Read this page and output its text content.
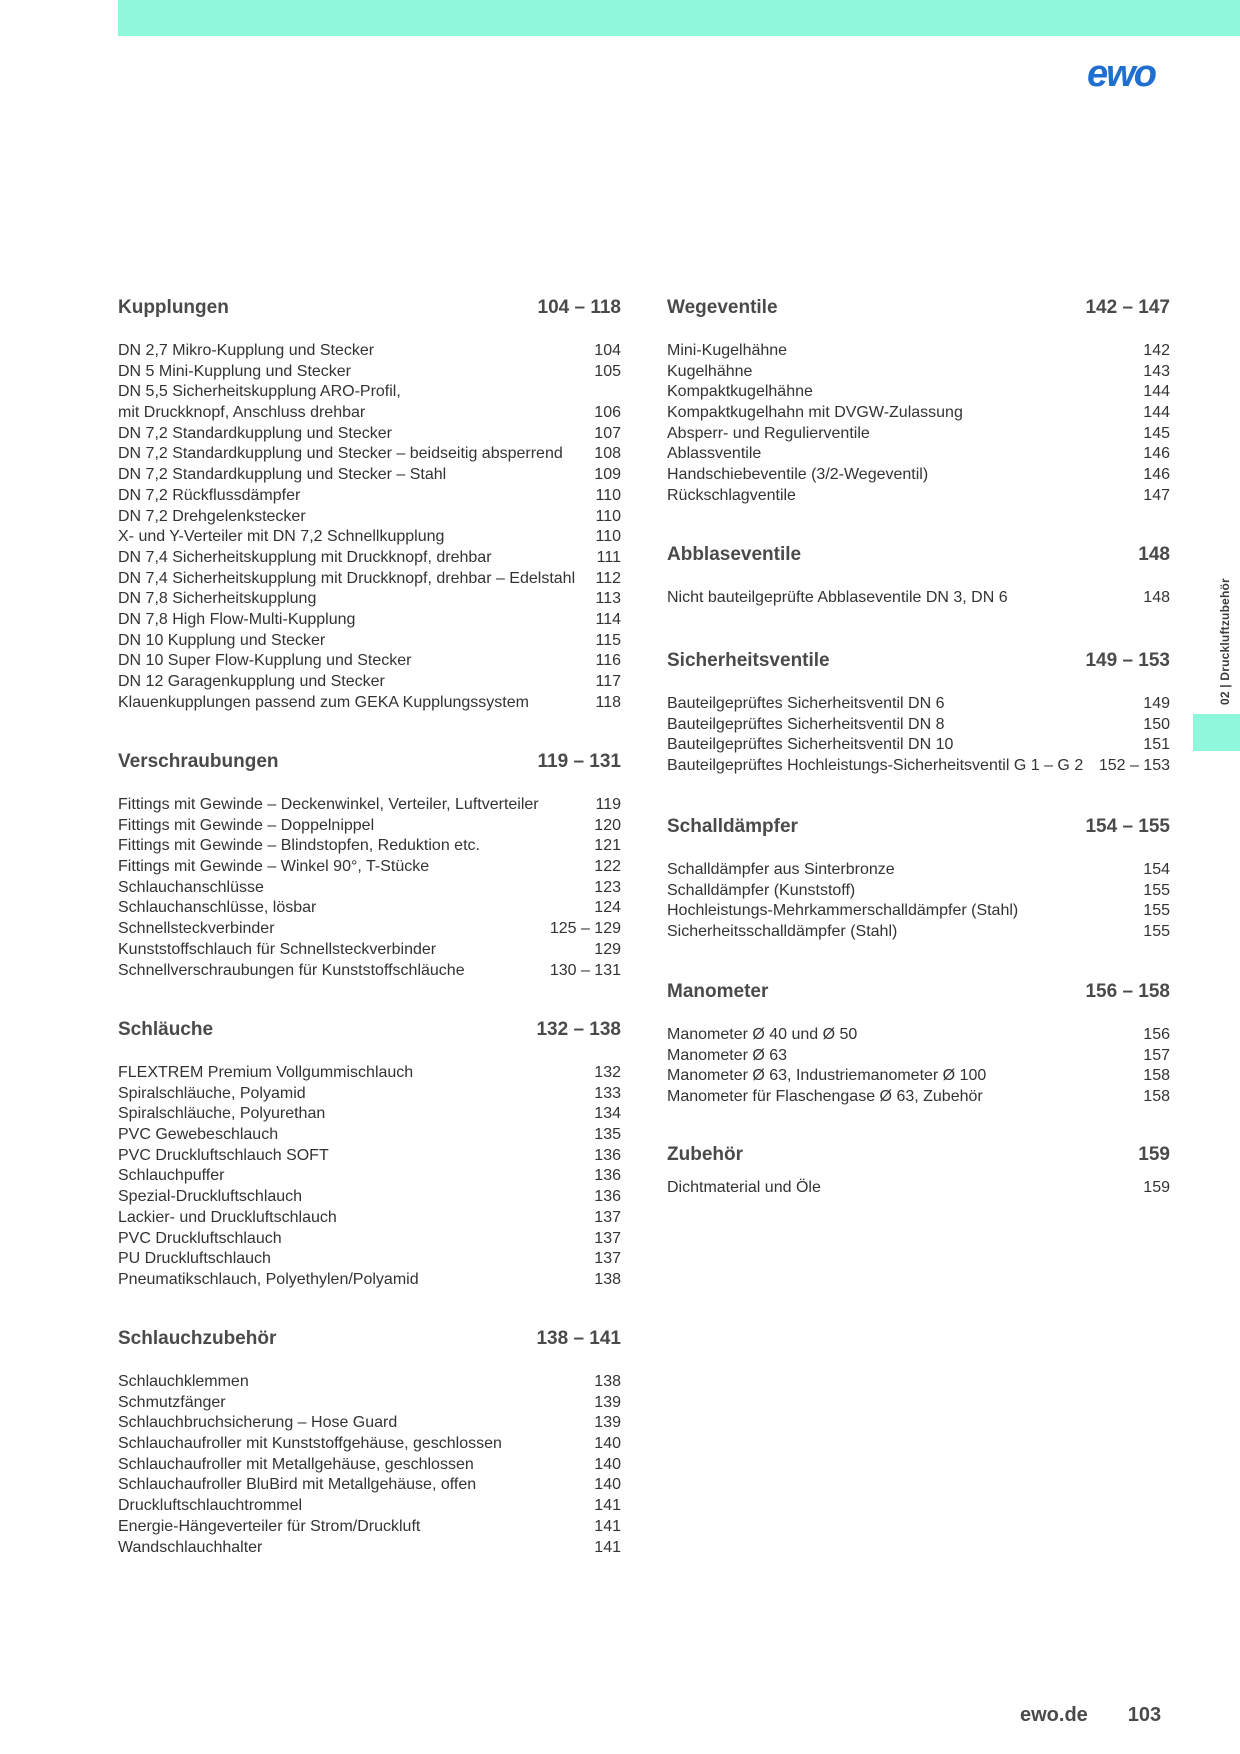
ewo
02 | Druckluftzubehör
Kupplungen	104 – 118
DN 2,7 Mikro-Kupplung und Stecker	104
DN 5 Mini-Kupplung und Stecker	105
DN 5,5 Sicherheitskupplung ARO-Profil,
mit Druckknopf, Anschluss drehbar	106
DN 7,2 Standardkupplung und Stecker	107
DN 7,2 Standardkupplung und Stecker – beidseitig absperrend 108
DN 7,2 Standardkupplung und Stecker – Stahl	109
DN 7,2 Rückflussdämpfer	110
DN 7,2 Drehgelenkstecker	110
X- und Y-Verteiler mit DN 7,2 Schnellkupplung	110
DN 7,4 Sicherheitskupplung mit Druckknopf, drehbar	111
DN 7,4 Sicherheitskupplung mit Druckknopf, drehbar – Edelstahl 112
DN 7,8 Sicherheitskupplung	113
DN 7,8 High Flow-Multi-Kupplung	114
DN 10 Kupplung und Stecker	115
DN 10 Super Flow-Kupplung und Stecker	116
DN 12 Garagenkupplung und Stecker	117
Klauenkupplungen passend zum GEKA Kupplungssystem	118
Verschraubungen	119 – 131
Fittings mit Gewinde – Deckenwinkel, Verteiler, Luftverteiler	119
Fittings mit Gewinde – Doppelnippel	120
Fittings mit Gewinde – Blindstopfen, Reduktion etc.	121
Fittings mit Gewinde – Winkel 90°, T-Stücke	122
Schlauchanschlüsse	123
Schlauchanschlüsse, lösbar	124
Schnellsteckverbinder	125 – 129
Kunststoffschlauch für Schnellsteckverbinder	129
Schnellverschraubungen für Kunststoffschläuche	130 – 131
Schläuche	132 – 138
FLEXTREM Premium Vollgummischlauch	132
Spiralschläuche, Polyamid	133
Spiralschläuche, Polyurethan	134
PVC Gewebeschlauch	135
PVC Druckluftschlauch SOFT	136
Schlauchpuffer	136
Spezial-Druckluftschlauch	136
Lackier- und Druckluftschlauch	137
PVC Druckluftschlauch	137
PU Druckluftschlauch	137
Pneumatikschlauch, Polyethylen/Polyamid	138
Schlauchzubehör	138 – 141
Schlauchklemmen	138
Schmutzfänger	139
Schlauchbruchsicherung – Hose Guard	139
Schlauchaufroller mit Kunststoffgehäuse, geschlossen	140
Schlauchaufroller mit Metallgehäuse, geschlossen	140
Schlauchaufroller BluBird mit Metallgehäuse, offen	140
Druckluftschlauchtrommel	141
Energie-Hängeverteiler für Strom/Druckluft	141
Wandschlauchhalter	141
Wegeventile	142 – 147
Mini-Kugelhähne	142
Kugelhähne	143
Kompaktkugelhähne	144
Kompaktkugelhahn mit DVGW-Zulassung	144
Absperr- und Regulierventile	145
Ablassventile	146
Handschiebeventile (3/2-Wegeventil)	146
Rückschlagventile	147
Abblaseventile	148
Nicht bauteilgeprüfte Abblaseventile DN 3, DN 6	148
Sicherheitsventile	149 – 153
Bauteilgeprüftes Sicherheitsventil DN 6	149
Bauteilgeprüftes Sicherheitsventil DN 8	150
Bauteilgeprüftes Sicherheitsventil DN 10	151
Bauteilgeprüftes Hochleistungs-Sicherheitsventil G 1 – G 2 152 – 153
Schalldämpfer	154 – 155
Schalldämpfer aus Sinterbronze	154
Schalldämpfer (Kunststoff)	155
Hochleistungs-Mehrkammerschalldämpfer (Stahl)	155
Sicherheitsschalldämpfer (Stahl)	155
Manometer	156 – 158
Manometer Ø 40 und Ø 50	156
Manometer Ø 63	157
Manometer Ø 63, Industriemanometer Ø 100	158
Manometer für Flaschengase Ø 63, Zubehör	158
Zubehör	159
Dichtmaterial und Öle	159
ewo.de 103
